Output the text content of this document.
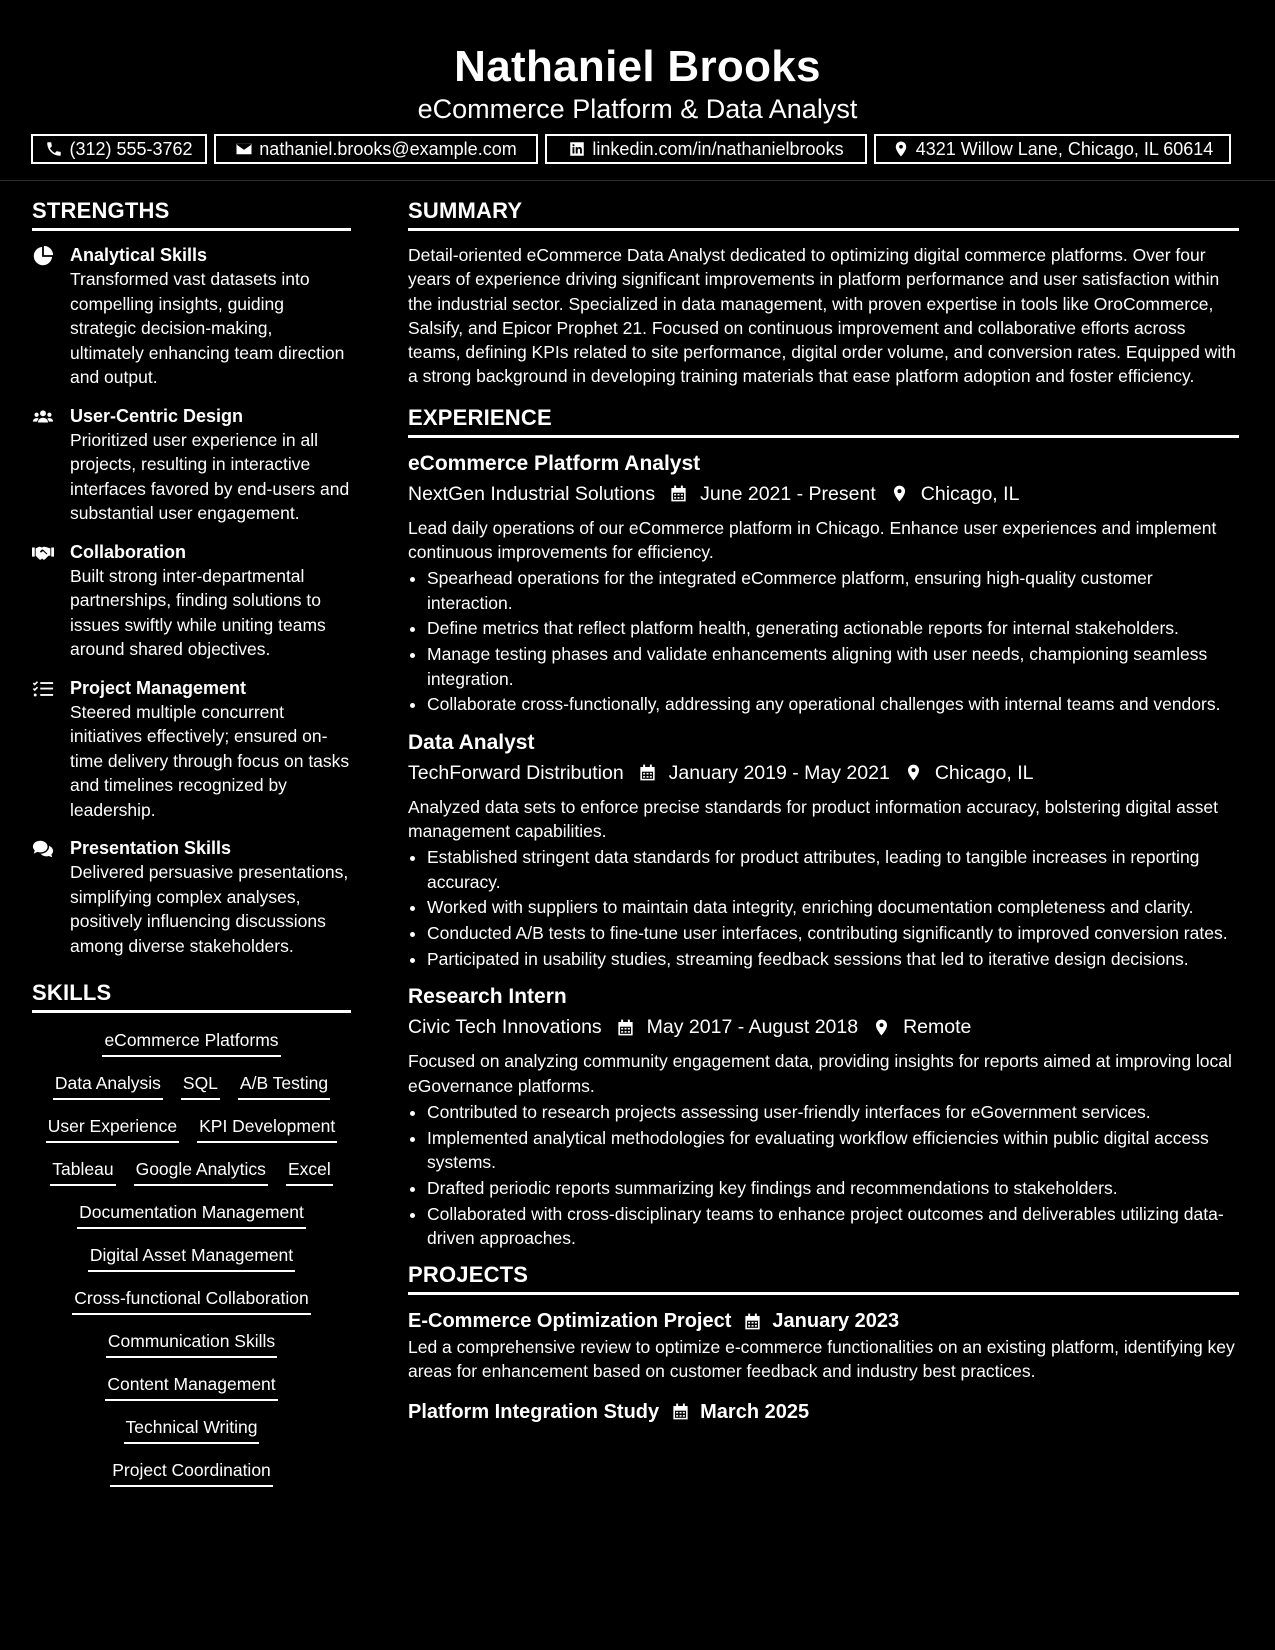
Nathaniel Brooks
eCommerce Platform & Data Analyst
(312) 555-3762	nathaniel.brooks@example.com	linkedin.com/in/nathanielbrooks	4321 Willow Lane, Chicago, IL 60614
STRENGTHS
Analytical Skills
Transformed vast datasets into compelling insights, guiding strategic decision-making, ultimately enhancing team direction and output.
User-Centric Design
Prioritized user experience in all projects, resulting in interactive interfaces favored by end-users and substantial user engagement.
Collaboration
Built strong inter-departmental partnerships, finding solutions to issues swiftly while uniting teams around shared objectives.
Project Management
Steered multiple concurrent initiatives effectively; ensured on-time delivery through focus on tasks and timelines recognized by leadership.
Presentation Skills
Delivered persuasive presentations, simplifying complex analyses, positively influencing discussions among diverse stakeholders.
SKILLS
eCommerce Platforms
Data Analysis SQL A/B Testing
User Experience KPI Development
Tableau Google Analytics Excel
Documentation Management
Digital Asset Management
Cross-functional Collaboration
Communication Skills
Content Management
Technical Writing
Project Coordination
SUMMARY
Detail-oriented eCommerce Data Analyst dedicated to optimizing digital commerce platforms. Over four years of experience driving significant improvements in platform performance and user satisfaction within the industrial sector. Specialized in data management, with proven expertise in tools like OroCommerce, Salsify, and Epicor Prophet 21. Focused on continuous improvement and collaborative efforts across teams, defining KPIs related to site performance, digital order volume, and conversion rates. Equipped with a strong background in developing training materials that ease platform adoption and foster efficiency.
EXPERIENCE
eCommerce Platform Analyst
NextGen Industrial Solutions June 2021 - Present Chicago, IL
Lead daily operations of our eCommerce platform in Chicago. Enhance user experiences and implement continuous improvements for efficiency.
• Spearhead operations for the integrated eCommerce platform, ensuring high-quality customer interaction.
• Define metrics that reflect platform health, generating actionable reports for internal stakeholders.
• Manage testing phases and validate enhancements aligning with user needs, championing seamless integration.
• Collaborate cross-functionally, addressing any operational challenges with internal teams and vendors.
Data Analyst
TechForward Distribution January 2019 - May 2021 Chicago, IL
Analyzed data sets to enforce precise standards for product information accuracy, bolstering digital asset management capabilities.
• Established stringent data standards for product attributes, leading to tangible increases in reporting accuracy.
• Worked with suppliers to maintain data integrity, enriching documentation completeness and clarity.
• Conducted A/B tests to fine-tune user interfaces, contributing significantly to improved conversion rates.
• Participated in usability studies, streaming feedback sessions that led to iterative design decisions.
Research Intern
Civic Tech Innovations May 2017 - August 2018 Remote
Focused on analyzing community engagement data, providing insights for reports aimed at improving local eGovernance platforms.
• Contributed to research projects assessing user-friendly interfaces for eGovernment services.
• Implemented analytical methodologies for evaluating workflow efficiencies within public digital access systems.
• Drafted periodic reports summarizing key findings and recommendations to stakeholders.
• Collaborated with cross-disciplinary teams to enhance project outcomes and deliverables utilizing data-driven approaches.
PROJECTS
E-Commerce Optimization Project January 2023
Led a comprehensive review to optimize e-commerce functionalities on an existing platform, identifying key areas for enhancement based on customer feedback and industry best practices.
Platform Integration Study March 2025
